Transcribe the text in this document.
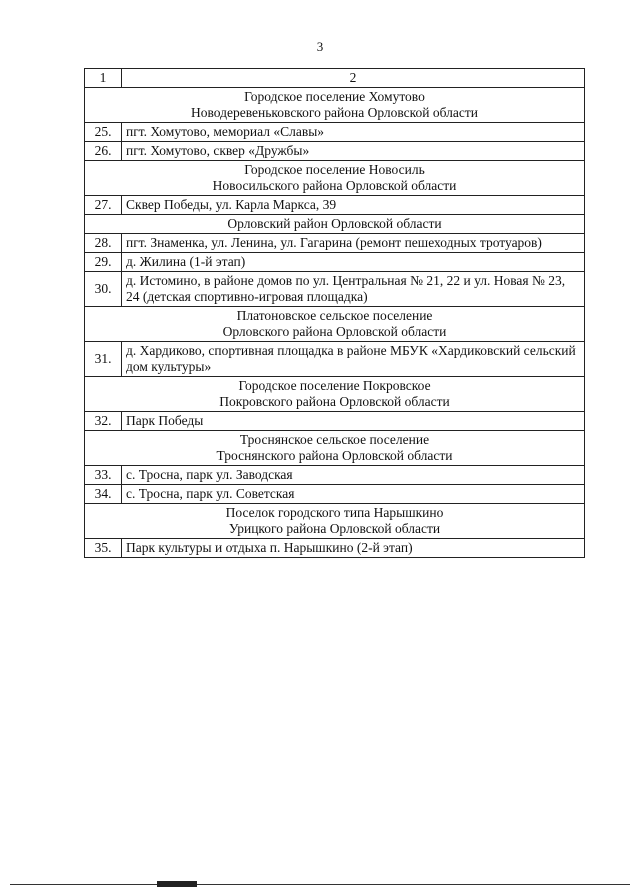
3
1	2

Городское поселение Хомутово
Новодеревеньковского района Орловской области	

25.	пгт. Хомутово, мемориал «Славы»
26.	пгт. Хомутово, сквер «Дружбы»

Городское поселение Новосиль
Новосильского района Орловской области	

27.	Сквер Победы, ул. Карла Маркса, 39

Орловский район Орловской области	

28.	пгт. Знаменка, ул. Ленина, ул. Гагарина (ремонт пешеходных тротуаров)
29.	д. Жилина (1-й этап)
30.	д. Истомино, в районе домов по ул. Центральная № 21, 22 и ул. Новая № 23, 24 (детская спортивно-игровая площадка)

Платоновское сельское поселение
Орловского района Орловской области	

31.	д. Хардиково, спортивная площадка в районе МБУК «Хардиковский сельский дом культуры»

Городское поселение Покровское
Покровского района Орловской области	

32.	Парк Победы

Троснянское сельское поселение
Троснянского района Орловской области	

33.	с. Тросна, парк ул. Заводская
34.	с. Тросна, парк ул. Советская

Поселок городского типа Нарышкино
Урицкого района Орловской области	

35.	Парк культуры и отдыха п. Нарышкино (2-й этап)
